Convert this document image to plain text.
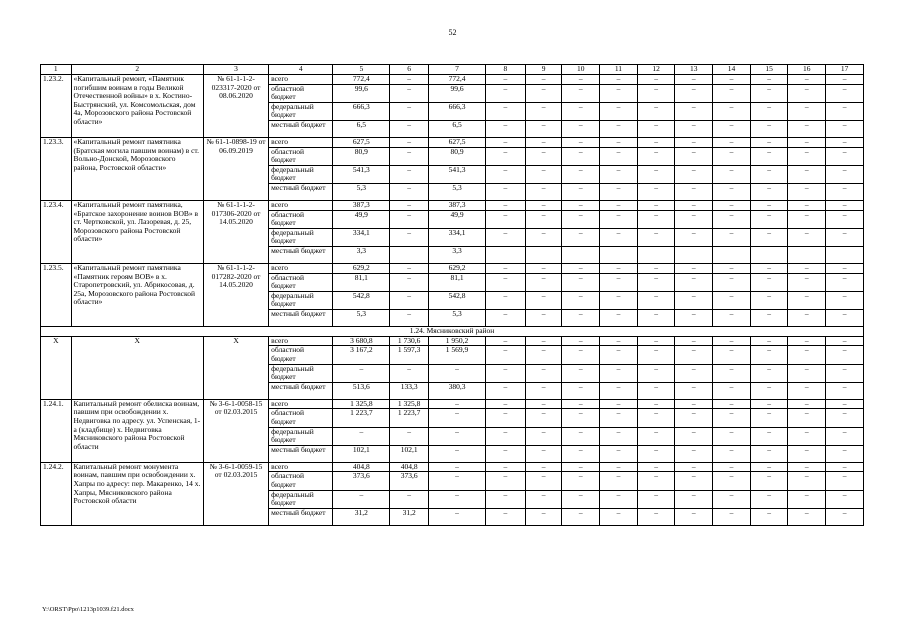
52
1	2	3	4	5	6	7	8	9	10	11	12	13	14	15	16	17
1.23.2.	«Капитальный ремонт, «Памятник погибшим воинам в годы Великой Отечественной войны» в х. Костино-Быстрянский, ул. Комсомольская, дом 4а, Морозовского района Ростовской области»	№ 61-1-1-2-023317-2020 от 08.06.2020	всего	772,4	–	772,4	–	–	–	–	–	–	–	–	–	–
			областной бюджет	99,6	–	99,6	–	–	–	–	–	–	–	–	–	–
			федеральный бюджет	666,3	–	666,3	–	–	–	–	–	–	–	–	–	–
			местный бюджет	6,5	–	6,5	–	–	–	–	–	–	–	–	–	–
1.23.3.	«Капитальный ремонт памятника (Братская могила павшим воинам) в ст. Вольно-Донской, Морозовского района, Ростовской области»	№ 61-1-0898-19 от 06.09.2019	всего	627,5	–	627,5	–	–	–	–	–	–	–	–	–	–
			областной бюджет	80,9	–	80,9	–	–	–	–	–	–	–	–	–	–
			федеральный бюджет	541,3	–	541,3	–	–	–	–	–	–	–	–	–	–
			местный бюджет	5,3	–	5,3	–	–	–	–	–	–	–	–	–	–
1.23.4.	«Капитальный ремонт памятника, «Братское захоронение воинов ВОВ» в ст. Чертковской, ул. Лазоревая, д. 25, Морозовского района Ростовской области»	№ 61-1-1-2-017306-2020 от 14.05.2020	всего	387,3	–	387,3	–	–	–	–	–	–	–	–	–	–
			областной бюджет	49,9	–	49,9	–	–	–	–	–	–	–	–	–	–
			федеральный бюджет	334,1	–	334,1	–	–	–	–	–	–	–	–	–	–
			местный бюджет	3,3		3,3										
1.23.5.	«Капитальный ремонт памятника «Памятник героям ВОВ» в х. Старопетровский, ул. Абрикосовая, д. 25а, Морозовского района Ростовской области»	№ 61-1-1-2-017282-2020 от 14.05.2020	всего	629,2	–	629,2	–	–	–	–	–	–	–	–	–	–
			областной бюджет	81,1	–	81,1	–	–	–	–	–	–	–	–	–	–
			федеральный бюджет	542,8	–	542,8	–	–	–	–	–	–	–	–	–	–
			местный бюджет	5,3	–	5,3	–	–	–	–	–	–	–	–	–	–
1.24. Мясниковский район																
X	X	X	всего	3 680,8	1 730,6	1 950,2	–	–	–	–	–	–	–	–	–	–
			областной бюджет	3 167,2	1 597,3	1 569,9	–	–	–	–	–	–	–	–	–	–
			федеральный бюджет	–	–	–	–	–	–	–	–	–	–	–	–	–
			местный бюджет	513,6	133,3	380,3	–	–	–	–	–	–	–	–	–	–
1.24.1.	Капитальный ремонт обелиска воинам, павшим при освобождении х. Недвиговка по адресу. ул. Успенская, 1-а (кладбище) х. Недвиговка Мясниковского района Ростовской области	№ 3-6-1-0058-15 от 02.03.2015	всего	1 325,8	1 325,8	–	–	–	–	–	–	–	–	–	–	–
			областной бюджет	1 223,7	1 223,7	–	–	–	–	–	–	–	–	–	–	–
			федеральный бюджет	–	–	–	–	–	–	–	–	–	–	–	–	–
			местный бюджет	102,1	102,1	–	–	–	–	–	–	–	–	–	–	–
1.24.2.	Капитальный ремонт монумента воинам, павшим при освобождении х. Хапры по адресу: пер. Макаренко, 14 х. Хапры, Мясниковского района Ростовской области	№ 3-6-1-0059-15 от 02.03.2015	всего	404,8	404,8	–	–	–	–	–	–	–	–	–	–	–
			областной бюджет	373,6	373,6	–	–	–	–	–	–	–	–	–	–	–
			федеральный бюджет	–	–	–	–	–	–	–	–	–	–	–	–	–
			местный бюджет	31,2	31,2	–	–	–	–	–	–	–	–	–	–	–
Y:\ORST\Ppo\1213p1039.f21.docx
